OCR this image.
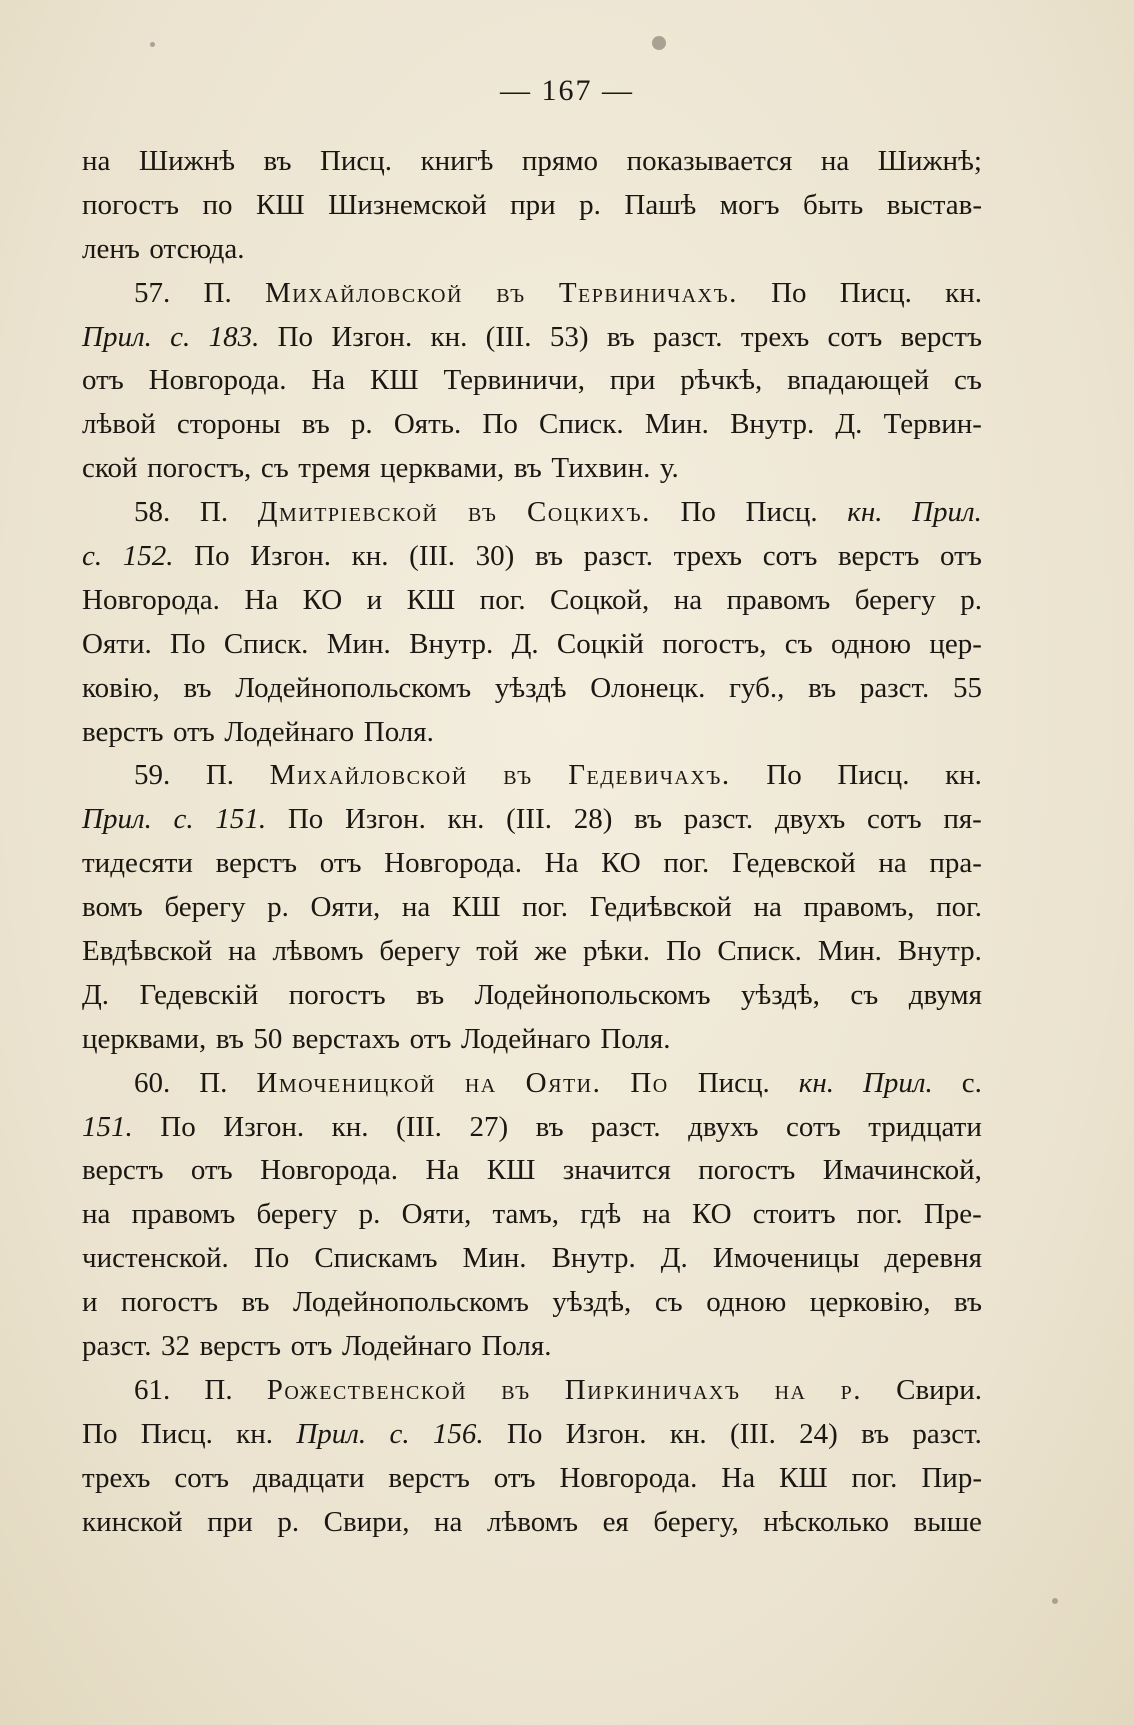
— 167 —
на Шижнѣ въ Писц. книгѣ прямо показывается на Шижнѣ;
погостъ по КШ Шизнемской при р. Пашѣ могъ быть выстав-
ленъ отсюда.
57. П. Михайловской въ Тервиничахъ. По Писц. кн.
Прил. с. 183. По Изгон. кн. (III. 53) въ разст. трехъ сотъ верстъ
отъ Новгорода. На КШ Тервиничи, при рѣчкѣ, впадающей съ
лѣвой стороны въ р. Оять. По Списк. Мин. Внутр. Д. Тервин-
ской погостъ, съ тремя церквами, въ Тихвин. у.
58. П. Дмитріевской въ Соцкихъ. По Писц. кн. Прил.
с. 152. По Изгон. кн. (III. 30) въ разст. трехъ сотъ верстъ отъ
Новгорода. На КО и КШ пог. Соцкой, на правомъ берегу р.
Ояти. По Списк. Мин. Внутр. Д. Соцкій погостъ, съ одною цер-
ковію, въ Лодейнопольскомъ уѣздѣ Олонецк. губ., въ разст. 55
верстъ отъ Лодейнаго Поля.
59. П. Михайловской въ Гедевичахъ. По Писц. кн.
Прил. с. 151. По Изгон. кн. (III. 28) въ разст. двухъ сотъ пя-
тидесяти верстъ отъ Новгорода. На КО пог. Гедевской на пра-
вомъ берегу р. Ояти, на КШ пог. Гедиѣвской на правомъ, пог.
Евдѣвской на лѣвомъ берегу той же рѣки. По Списк. Мин. Внутр.
Д. Гедевскій погостъ въ Лодейнопольскомъ уѣздѣ, съ двумя
церквами, въ 50 верстахъ отъ Лодейнаго Поля.
60. П. Имоченицкой на Ояти. По Писц. кн. Прил. с.
151. По Изгон. кн. (III. 27) въ разст. двухъ сотъ тридцати
верстъ отъ Новгорода. На КШ значится погостъ Имачинской,
на правомъ берегу р. Ояти, тамъ, гдѣ на КО стоитъ пог. Пре-
чистенской. По Спискамъ Мин. Внутр. Д. Имоченицы деревня
и погостъ въ Лодейнопольскомъ уѣздѣ, съ одною церковію, въ
разст. 32 верстъ отъ Лодейнаго Поля.
61. П. Рожественской въ Пиркиничахъ на р. Свири.
По Писц. кн. Прил. с. 156. По Изгон. кн. (III. 24) въ разст.
трехъ сотъ двадцати верстъ отъ Новгорода. На КШ пог. Пир-
кинской при р. Свири, на лѣвомъ ея берегу, нѣсколько выше
